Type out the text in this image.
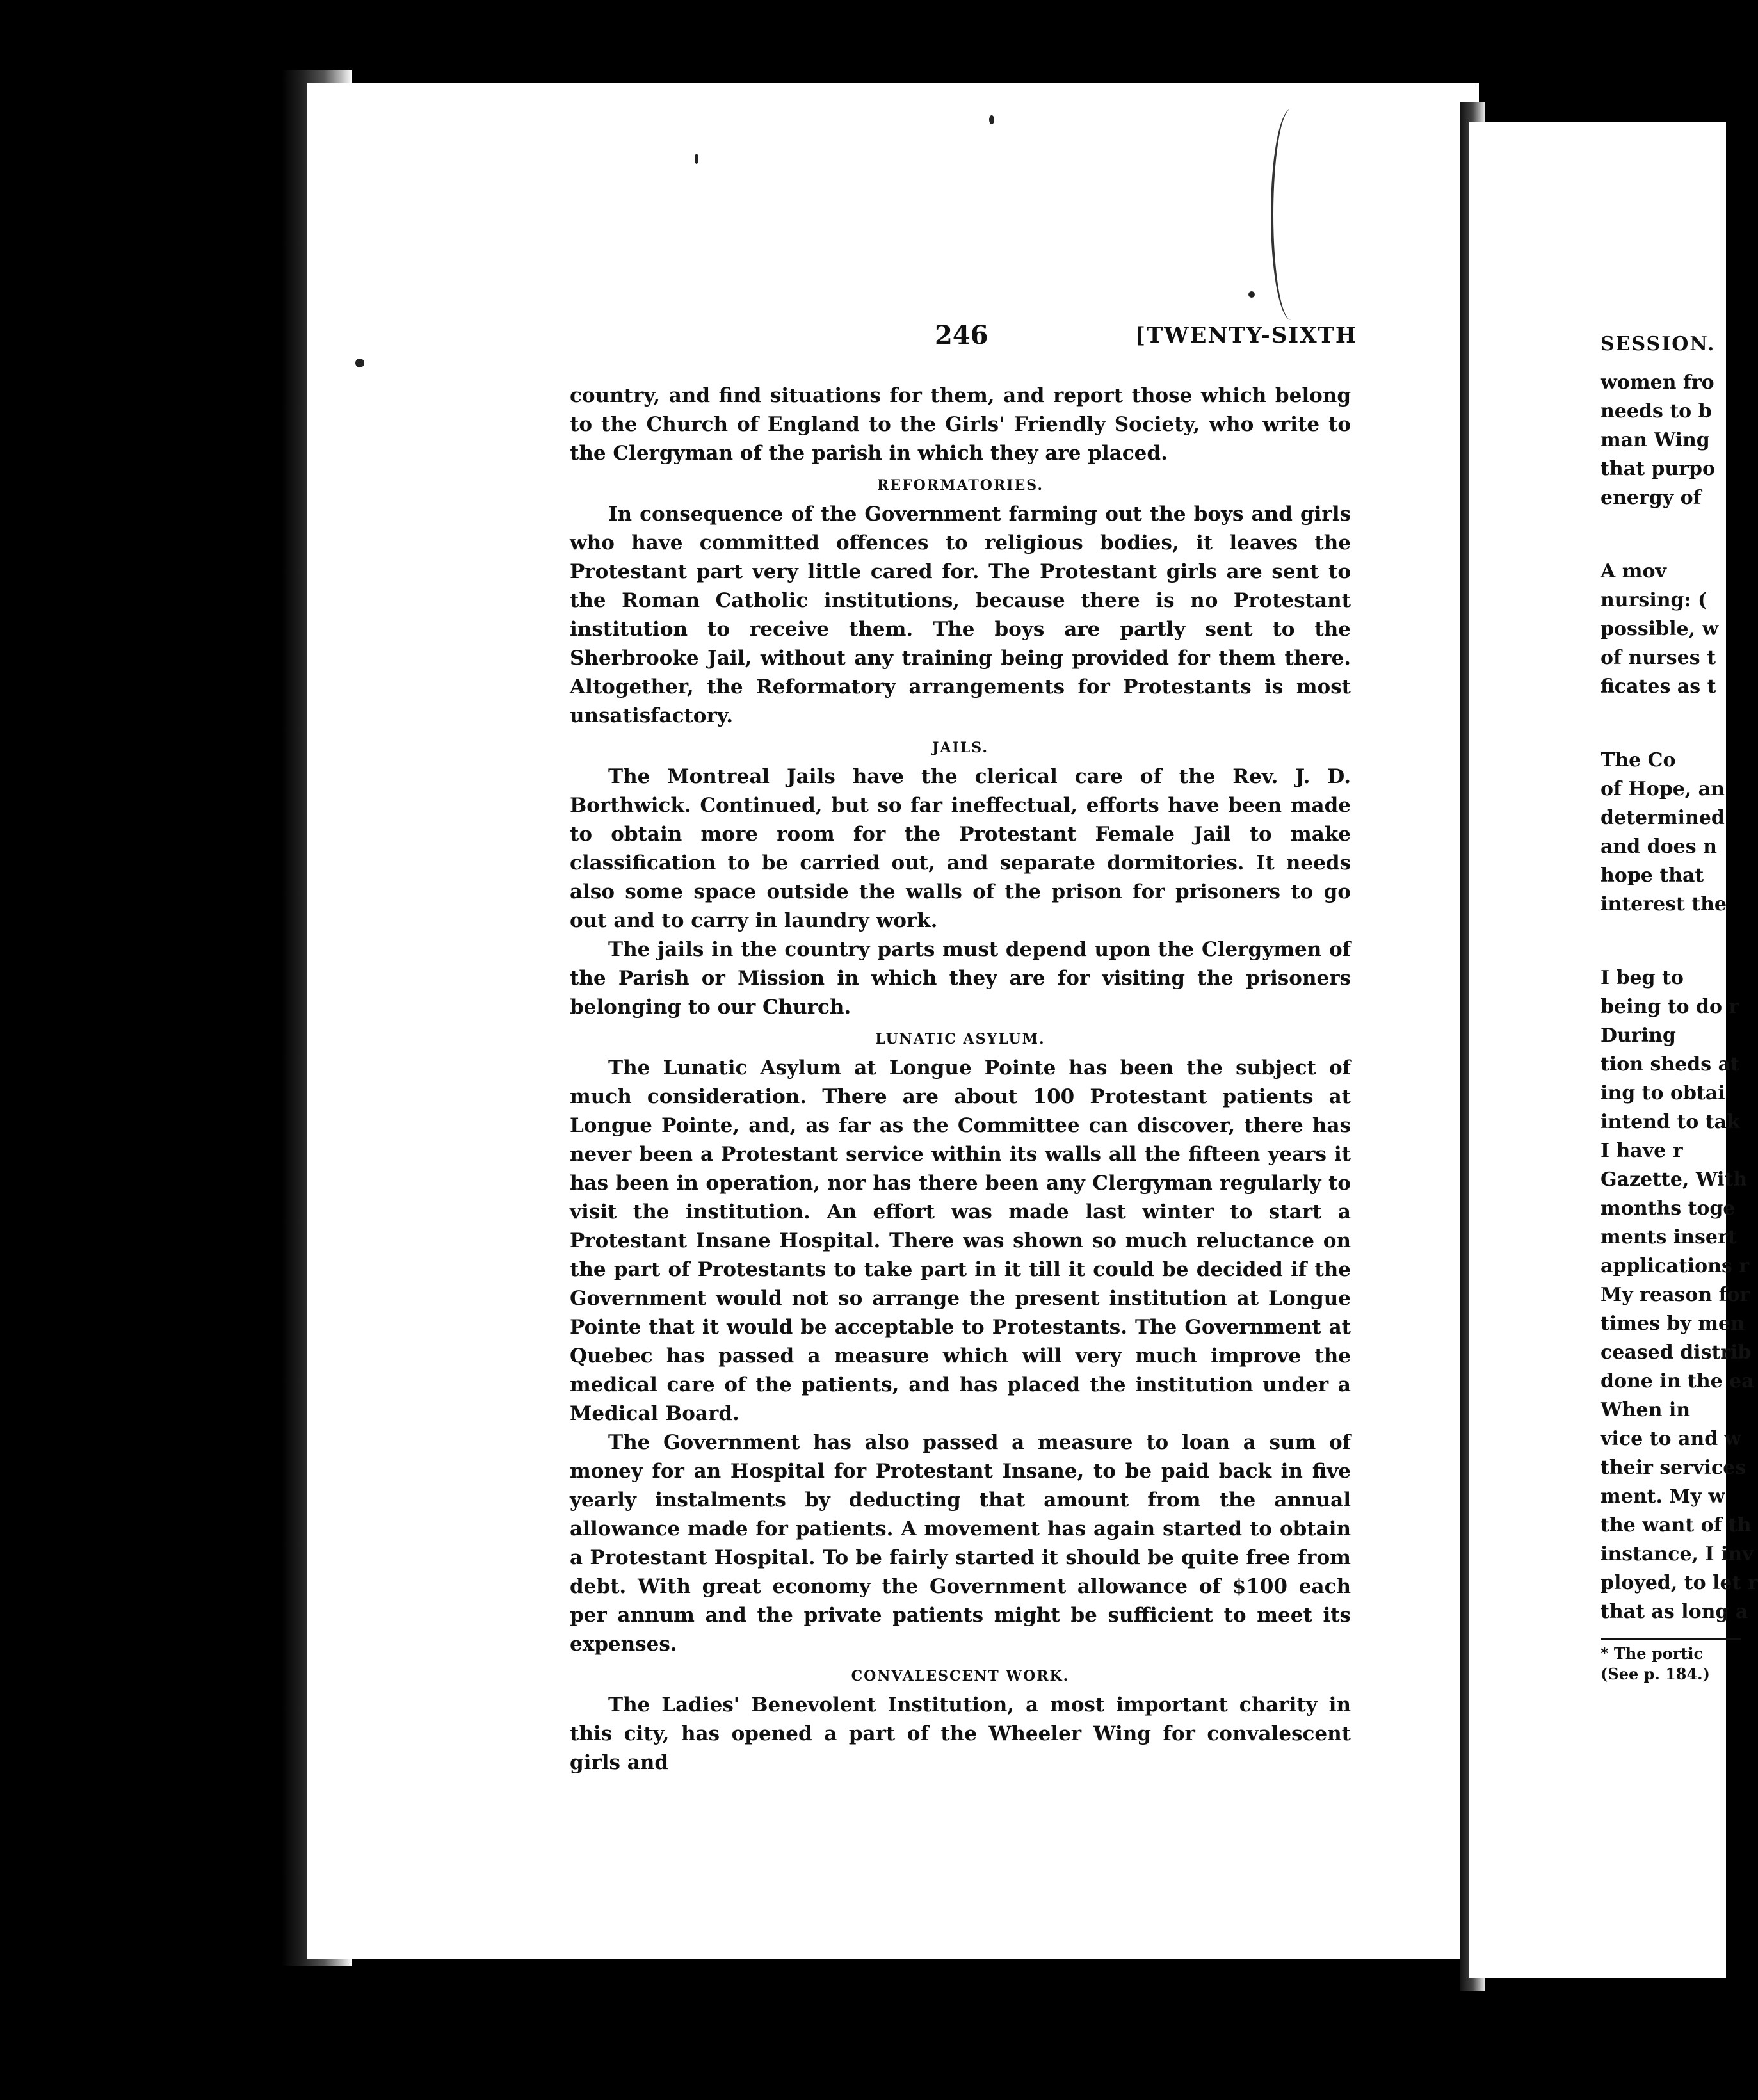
246	[TWENTY-SIXTH

country, and find situations for them, and report those which belong to the Church of England to the Girls' Friendly Society, who write to the Clergyman of the parish in which they are placed.

REFORMATORIES.

In consequence of the Government farming out the boys and girls who have committed offences to religious bodies, it leaves the Protestant part very little cared for. The Protestant girls are sent to the Roman Catholic institutions, because there is no Protestant institution to receive them. The boys are partly sent to the Sherbrooke Jail, without any training being provided for them there. Altogether, the Reformatory arrangements for Protestants is most unsatisfactory.

JAILS.

The Montreal Jails have the clerical care of the Rev. J. D. Borthwick. Continued, but so far ineffectual, efforts have been made to obtain more room for the Protestant Female Jail to make classification to be carried out, and separate dormitories. It needs also some space outside the walls of the prison for prisoners to go out and to carry in laundry work.

The jails in the country parts must depend upon the Clergymen of the Parish or Mission in which they are for visiting the prisoners belonging to our Church.

LUNATIC ASYLUM.

The Lunatic Asylum at Longue Pointe has been the subject of much consideration. There are about 100 Protestant patients at Longue Pointe, and, as far as the Committee can discover, there has never been a Protestant service within its walls all the fifteen years it has been in operation, nor has there been any Clergyman regularly to visit the institution. An effort was made last winter to start a Protestant Insane Hospital. There was shown so much reluctance on the part of Protestants to take part in it till it could be decided if the Government would not so arrange the present institution at Longue Pointe that it would be acceptable to Protestants. The Government at Quebec has passed a measure which will very much improve the medical care of the patients, and has placed the institution under a Medical Board.

The Government has also passed a measure to loan a sum of money for an Hospital for Protestant Insane, to be paid back in five yearly instalments by deducting that amount from the annual allowance made for patients. A movement has again started to obtain a Protestant Hospital. To be fairly started it should be quite free from debt. With great economy the Government allowance of $100 each per annum and the private patients might be sufficient to meet its expenses.

CONVALESCENT WORK.

The Ladies' Benevolent Institution, a most important charity in this city, has opened a part of the Wheeler Wing for convalescent girls and

SESSION.
women fro
needs to b
man Wing
that purpo
energy of
A mov
nursing: (
possible, w
of nurses t
ficates as t
The Co
of Hope, an
determined
and does n
hope that
interest the
I beg to
being to do r
During
tion sheds at
ing to obtai
intend to tak
I have r
Gazette, With
months toge
ments insert
applications r
My reason for
times by men
ceased distrib
done in the ea
When in
vice to and w
their services
ment. My w
the want of th
instance, I inv
ployed, to let r
that as long a
* The portic
(See p. 184.)
